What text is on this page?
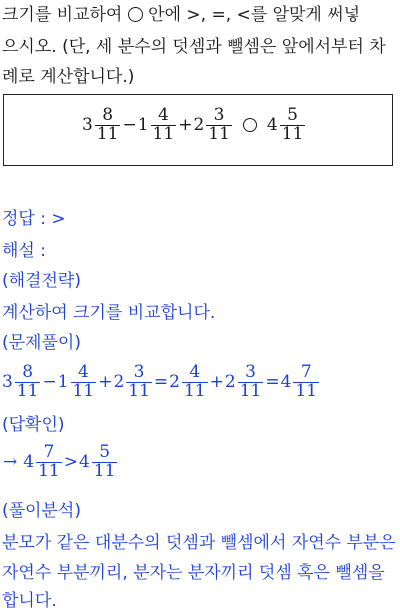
크기를 비교하여 안에 >, =, <를 알맞게 써넣
으시오. (단, 세 분수의 덧셈과 뺄셈은 앞에서부터 차
례로 계산합니다.)
$3 \frac{8}{11} - 1 \frac{4}{11} + 2 \frac{3}{11} 4 \frac{5}{11}$
정답 : >
해설 :
(해결전략)
계산하여 크기를 비교합니다.
(문제풀이)
$3 \frac{8}{11} - 1 \frac{4}{11} + 2 \frac{3}{11} = 2 \frac{4}{11} + 2 \frac{3}{11} = 4 \frac{7}{11}$
(답확인)
→ $4 \frac{7}{11} > 4 \frac{5}{11}$
(풀이분석)
분모가 같은 대분수의 덧셈과 뺄셈에서 자연수 부분은
자연수 부분끼리, 분자는 분자끼리 덧셈 혹은 뺄셈을
합니다.
